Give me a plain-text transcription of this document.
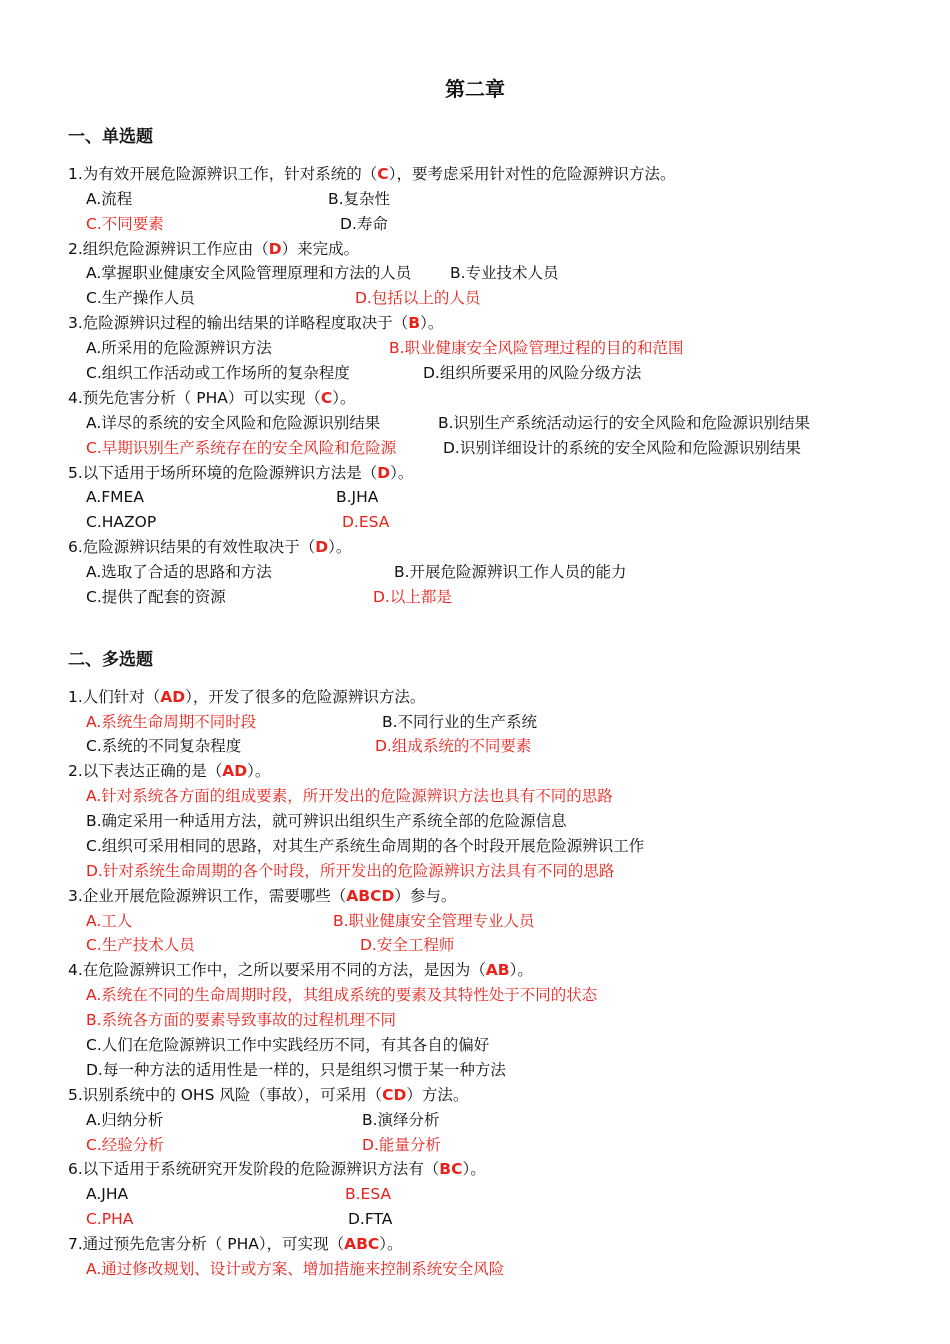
第二章
一、单选题
1.为有效开展危险源辨识工作，针对系统的（C），要考虑采用针对性的危险源辨识方法。
A.流程	B.复杂性
C.不同要素	D.寿命
2.组织危险源辨识工作应由（D）来完成。
A.掌握职业健康安全风险管理原理和方法的人员 B.专业技术人员
C.生产操作人员	D.包括以上的人员
3.危险源辨识过程的输出结果的详略程度取决于（B）。
A.所采用的危险源辨识方法	B.职业健康安全风险管理过程的目的和范围
C.组织工作活动或工作场所的复杂程度	D.组织所要采用的风险分级方法
4.预先危害分析（ PHA）可以实现（C）。
A.详尽的系统的安全风险和危险源识别结果	B.识别生产系统活动运行的安全风险和危险源识别结果
C.早期识别生产系统存在的安全风险和危险源	D.识别详细设计的系统的安全风险和危险源识别结果
5.以下适用于场所环境的危险源辨识方法是（D）。
A.FMEA	B.JHA
C.HAZOP	D.ESA
6.危险源辨识结果的有效性取决于（D）。
A.选取了合适的思路和方法	B.开展危险源辨识工作人员的能力
C.提供了配套的资源	D.以上都是
二、多选题
1.人们针对（AD），开发了很多的危险源辨识方法。
A.系统生命周期不同时段	B.不同行业的生产系统
C.系统的不同复杂程度	D.组成系统的不同要素
2.以下表达正确的是（AD）。
A.针对系统各方面的组成要素，所开发出的危险源辨识方法也具有不同的思路
B.确定采用一种适用方法，就可辨识出组织生产系统全部的危险源信息
C.组织可采用相同的思路，对其生产系统生命周期的各个时段开展危险源辨识工作
D.针对系统生命周期的各个时段，所开发出的危险源辨识方法具有不同的思路
3.企业开展危险源辨识工作，需要哪些（ABCD）参与。
A.工人	B.职业健康安全管理专业人员
C.生产技术人员	D.安全工程师
4.在危险源辨识工作中，之所以要采用不同的方法，是因为（AB）。
A.系统在不同的生命周期时段，其组成系统的要素及其特性处于不同的状态
B.系统各方面的要素导致事故的过程机理不同
C.人们在危险源辨识工作中实践经历不同，有其各自的偏好
D.每一种方法的适用性是一样的，只是组织习惯于某一种方法
5.识别系统中的 OHS 风险（事故），可采用（CD）方法。
A.归纳分析	B.演绎分析
C.经验分析	D.能量分析
6.以下适用于系统研究开发阶段的危险源辨识方法有（BC）。
A.JHA	B.ESA
C.PHA	D.FTA
7.通过预先危害分析（ PHA），可实现（ABC）。
A.通过修改规划、设计或方案、增加措施来控制系统安全风险
